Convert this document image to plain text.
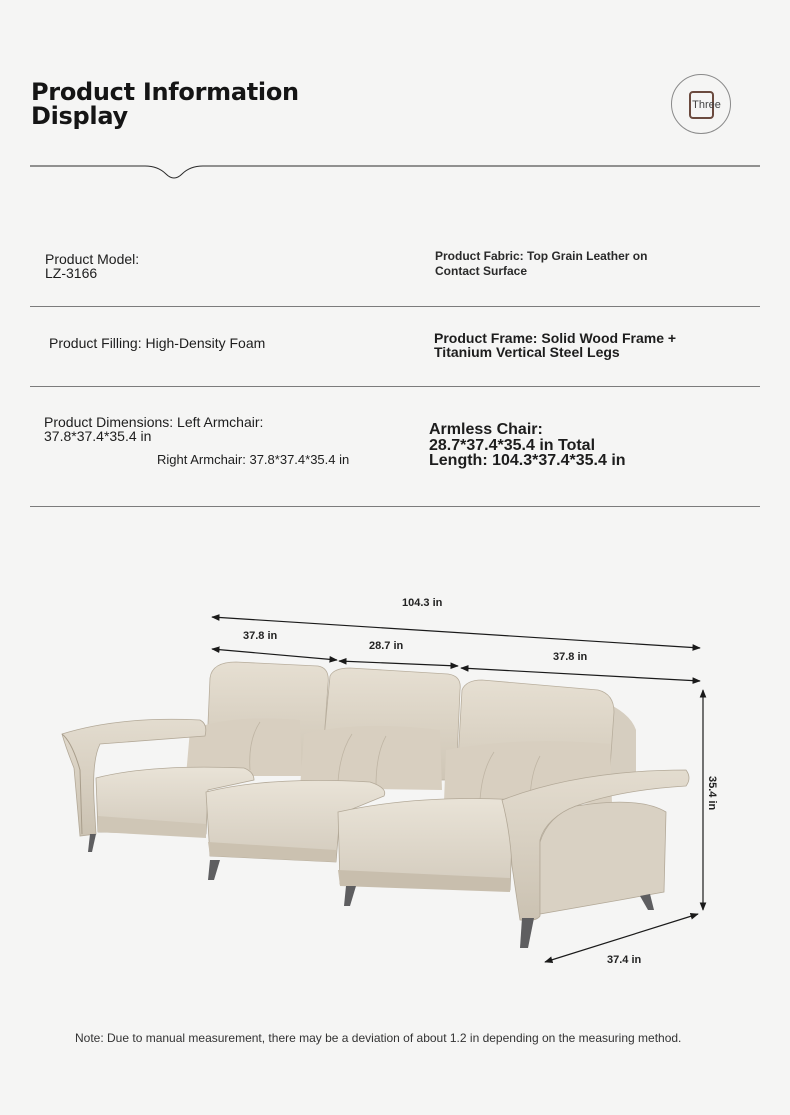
Product Information
Display	Three
Product Model:
LZ-3166
Product Fabric: Top Grain Leather on
Contact Surface
Product Filling: High-Density Foam	Product Frame: Solid Wood Frame +
Titanium Vertical Steel Legs
Product Dimensions: Left Armchair:
37.8*37.4*35.4 in
Right Armchair: 37.8*37.4*35.4 in
Armless Chair:
28.7*37.4*35.4 in Total
Length: 104.3*37.4*35.4 in
104.3 in
37.8 in
28.7 in
37.8 in
35.4 in
37.4 in
Note: Due to manual measurement, there may be a deviation of about 1.2 in depending on the measuring method.
